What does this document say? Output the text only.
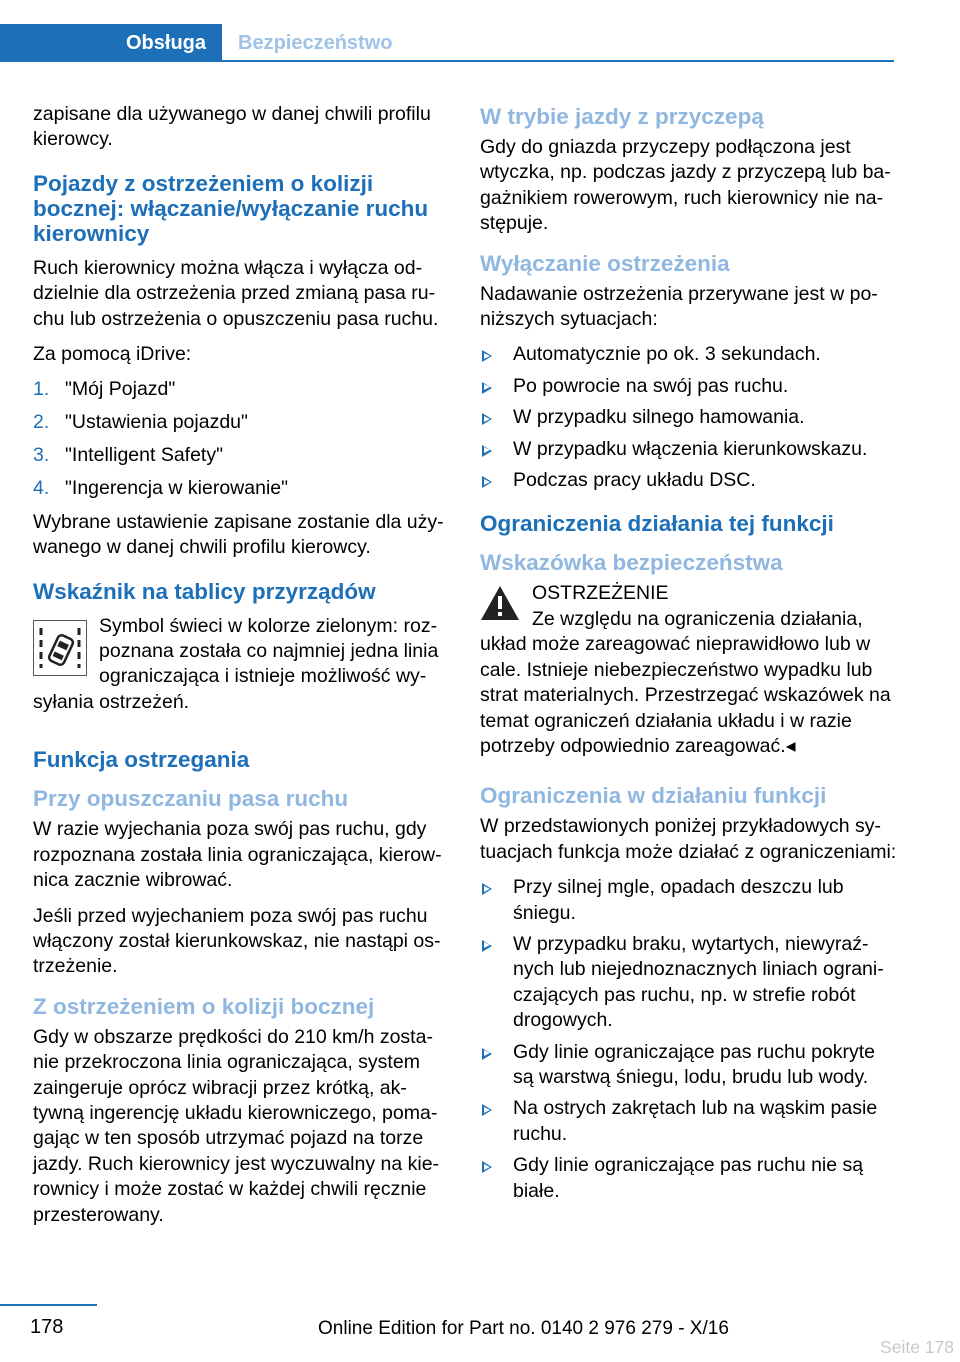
Obsługa	Bezpieczeństwo

zapisane dla używanego w danej chwili profilu kierowcy.

Pojazdy z ostrzeżeniem o kolizji bocznej: włączanie/wyłączanie ruchu kierownicy

Ruch kierownicy można włącza i wyłącza oddzielnie dla ostrzeżenia przed zmianą pasa ruchu lub ostrzeżenia o opuszczeniu pasa ruchu.

Za pomocą iDrive:

1. "Mój Pojazd"
2. "Ustawienia pojazdu"
3. "Intelligent Safety"
4. "Ingerencja w kierowanie"

Wybrane ustawienie zapisane zostanie dla używanego w danej chwili profilu kierowcy.

Wskaźnik na tablicy przyrządów
Symbol świeci w kolorze zielonym: rozpoznana została co najmniej jedna linia ograniczająca i istnieje możliwość wysyłania ostrzeżeń.
Funkcja ostrzegania
Przy opuszczaniu pasa ruchu

W razie wyjechania poza swój pas ruchu, gdy rozpoznana została linia ograniczająca, kierownica zacznie wibrować.

Jeśli przed wyjechaniem poza swój pas ruchu włączony został kierunkowskaz, nie nastąpi ostrzeżenie.

Z ostrzeżeniem o kolizji bocznej

Gdy w obszarze prędkości do 210 km/h zostanie przekroczona linia ograniczająca, system zaingeruje oprócz wibracji przez krótką, aktywną ingerencję układu kierowniczego, pomagając w ten sposób utrzymać pojazd na torze jazdy. Ruch kierownicy jest wyczuwalny na kierownicy i może zostać w każdej chwili ręcznie przesterowany.

W trybie jazdy z przyczepą

Gdy do gniazda przyczepy podłączona jest wtyczka, np. podczas jazdy z przyczepą lub bagażnikiem rowerowym, ruch kierownicy nie następuje.

Wyłączanie ostrzeżenia

Nadawanie ostrzeżenia przerywane jest w poniższych sytuacjach:

Automatycznie po ok. 3 sekundach.
Po powrocie na swój pas ruchu.
W przypadku silnego hamowania.
W przypadku włączenia kierunkowskazu.
Podczas pracy układu DSC.
Ograniczenia działania tej funkcji
Wskazówka bezpieczeństwa
OSTRZEŻENIE
Ze względu na ograniczenia działania, układ może zareagować nieprawidłowo lub w cale. Istnieje niebezpieczeństwo wypadku lub strat materialnych. Przestrzegać wskazówek na temat ograniczeń działania układu i w razie potrzeby odpowiednio zareagować.◂
Ograniczenia w działaniu funkcji

W przedstawionych poniżej przykładowych sytuacjach funkcja może działać z ograniczeniami:

Przy silnej mgle, opadach deszczu lub śniegu.
W przypadku braku, wytartych, niewyraźnych lub niejednoznacznych liniach ograniczających pas ruchu, np. w strefie robót drogowych.
Gdy linie ograniczające pas ruchu pokryte są warstwą śniegu, lodu, brudu lub wody.
Na ostrych zakrętach lub na wąskim pasie ruchu.
Gdy linie ograniczające pas ruchu nie są białe.
178	Online Edition for Part no. 0140 2 976 279 - X/16
Seite 178
